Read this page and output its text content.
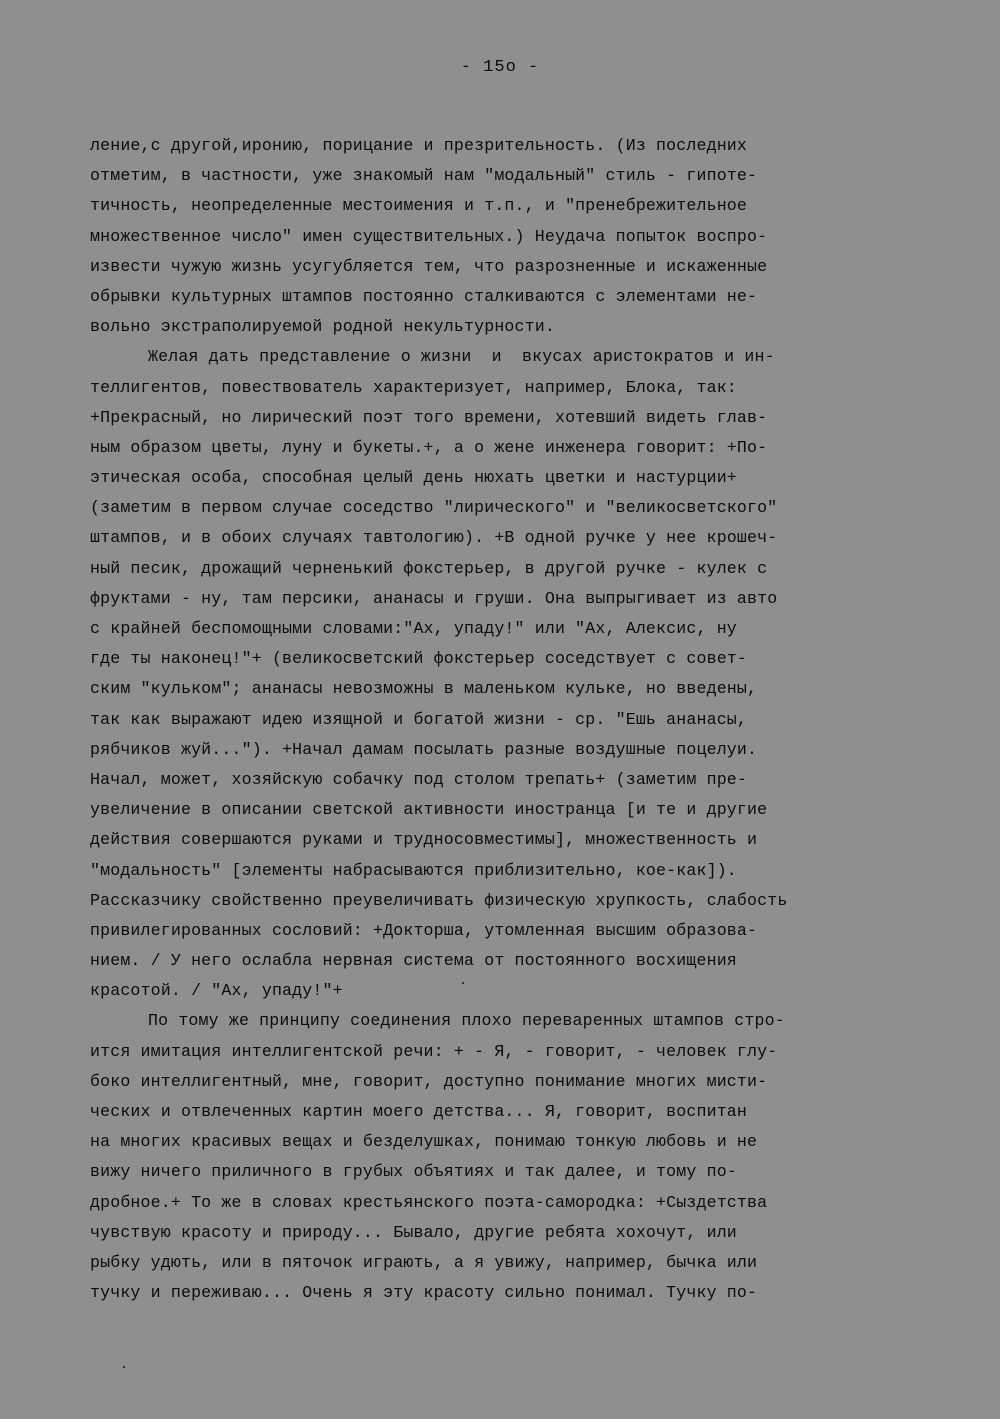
- 15o -
ление,с другой,иронию, порицание и презрительность. (Из последних
отметим, в частности, уже знакомый нам "модальный" стиль - гипоте-
тичность, неопределенные местоимения и т.п., и "пренебрежительное
множественное число" имен существительных.) Неудача попыток воспро-
извести чужую жизнь усугубляется тем, что разрозненные и искаженные
обрывки культурных штампов постоянно сталкиваются с элементами не-
вольно экстраполируемой родной некультурности.
Желая дать представление о жизни  и  вкусах аристократов и ин-
теллигентов, повествователь характеризует, например, Блока, так:
+Прекрасный, но лирический поэт того времени, хотевший видеть глав-
ным образом цветы, луну и букеты.+, а о жене инженера говорит: +По-
этическая особа, способная целый день нюхать цветки и настурции+
(заметим в первом случае соседство "лирического" и "великосветского"
штампов, и в обоих случаях тавтологию). +В одной ручке у нее крошеч-
ный песик, дрожащий черненький фокстерьер, в другой ручке - кулек с
фруктами - ну, там персики, ананасы и груши. Она выпрыгивает из авто
с крайней беспомощными словами:"Ах, упаду!" или "Ах, Алексис, ну
где ты наконец!"+ (великосветский фокстерьер соседствует с совет-
ским "кульком"; ананасы невозможны в маленьком кульке, но введены,
так как выражают идею изящной и богатой жизни - ср. "Ешь ананасы,
рябчиков жуй..."). +Начал дамам посылать разные воздушные поцелуи.
Начал, может, хозяйскую собачку под столом трепать+ (заметим пре-
увеличение в описании светской активности иностранца [и те и другие
действия совершаются руками и трудносовместимы], множественность и
"модальность" [элементы набрасываются приблизительно, кое-как]).
Рассказчику свойственно преувеличивать физическую хрупкость, слабость
привилегированных сословий: +Докторша, утомленная высшим образова-
нием. / У него ослабла нервная система от постоянного восхищения
красотой. / "Ах, упаду!"+
По тому же принципу соединения плохо переваренных штампов стро-
ится имитация интеллигентской речи: + - Я, - говорит, - человек глу-
боко интеллигентный, мне, говорит, доступно понимание многих мисти-
ческих и отвлеченных картин моего детства... Я, говорит, воспитан
на многих красивых вещах и безделушках, понимаю тонкую любовь и не
вижу ничего приличного в грубых объятиях и так далее, и тому по-
дробное.+ То же в словах крестьянского поэта-самородка: +Сыздетства
чувствую красоту и природу... Бывало, другие ребята хохочут, или
рыбку удють, или в пяточок играють, а я увижу, например, бычка или
тучку и переживаю... Очень я эту красоту сильно понимал. Тучку по-
